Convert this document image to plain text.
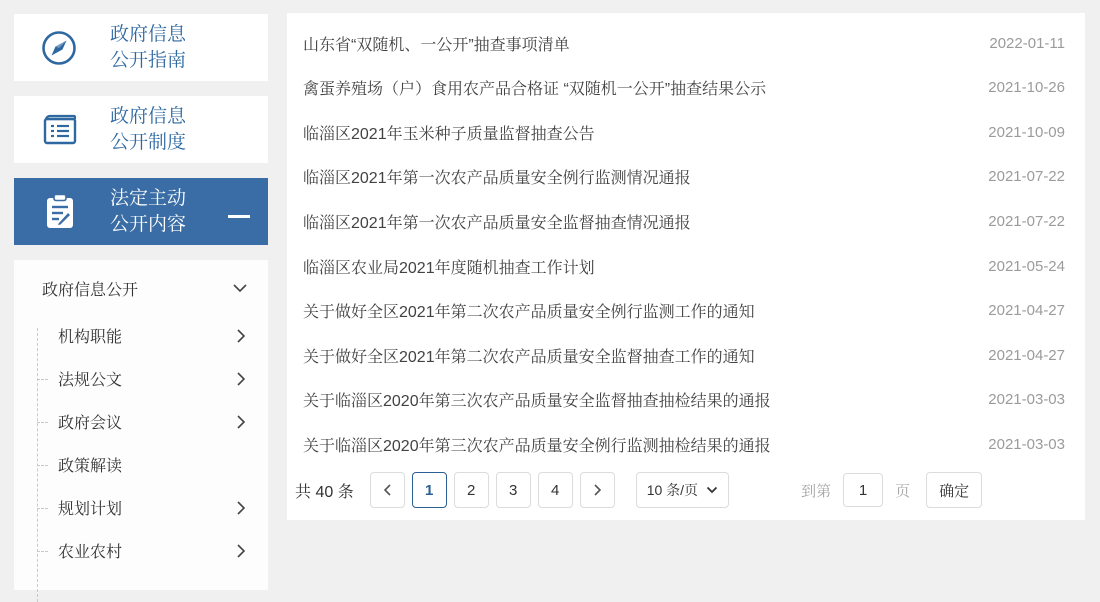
政府信息
公开指南
政府信息
公开制度
法定主动
公开内容
政府信息公开
机构职能
法规公文
政府会议
政策解读
规划计划
农业农村
山东省“双随机、一公开”抽查事项清单	2022-01-11
禽蛋养殖场（户）食用农产品合格证 “双随机一公开”抽查结果公示	2021-10-26
临淄区2021年玉米种子质量监督抽查公告	2021-10-09
临淄区2021年第一次农产品质量安全例行监测情况通报	2021-07-22
临淄区2021年第一次农产品质量安全监督抽查情况通报	2021-07-22
临淄区农业局2021年度随机抽查工作计划	2021-05-24
关于做好全区2021年第二次农产品质量安全例行监测工作的通知	2021-04-27
关于做好全区2021年第二次农产品质量安全监督抽查工作的通知	2021-04-27
关于临淄区2020年第三次农产品质量安全监督抽查抽检结果的通报	2021-03-03
关于临淄区2020年第三次农产品质量安全例行监测抽检结果的通报	2021-03-03
共 40 条	1	2	3	4	10 条/页	到第
1	页	确定
